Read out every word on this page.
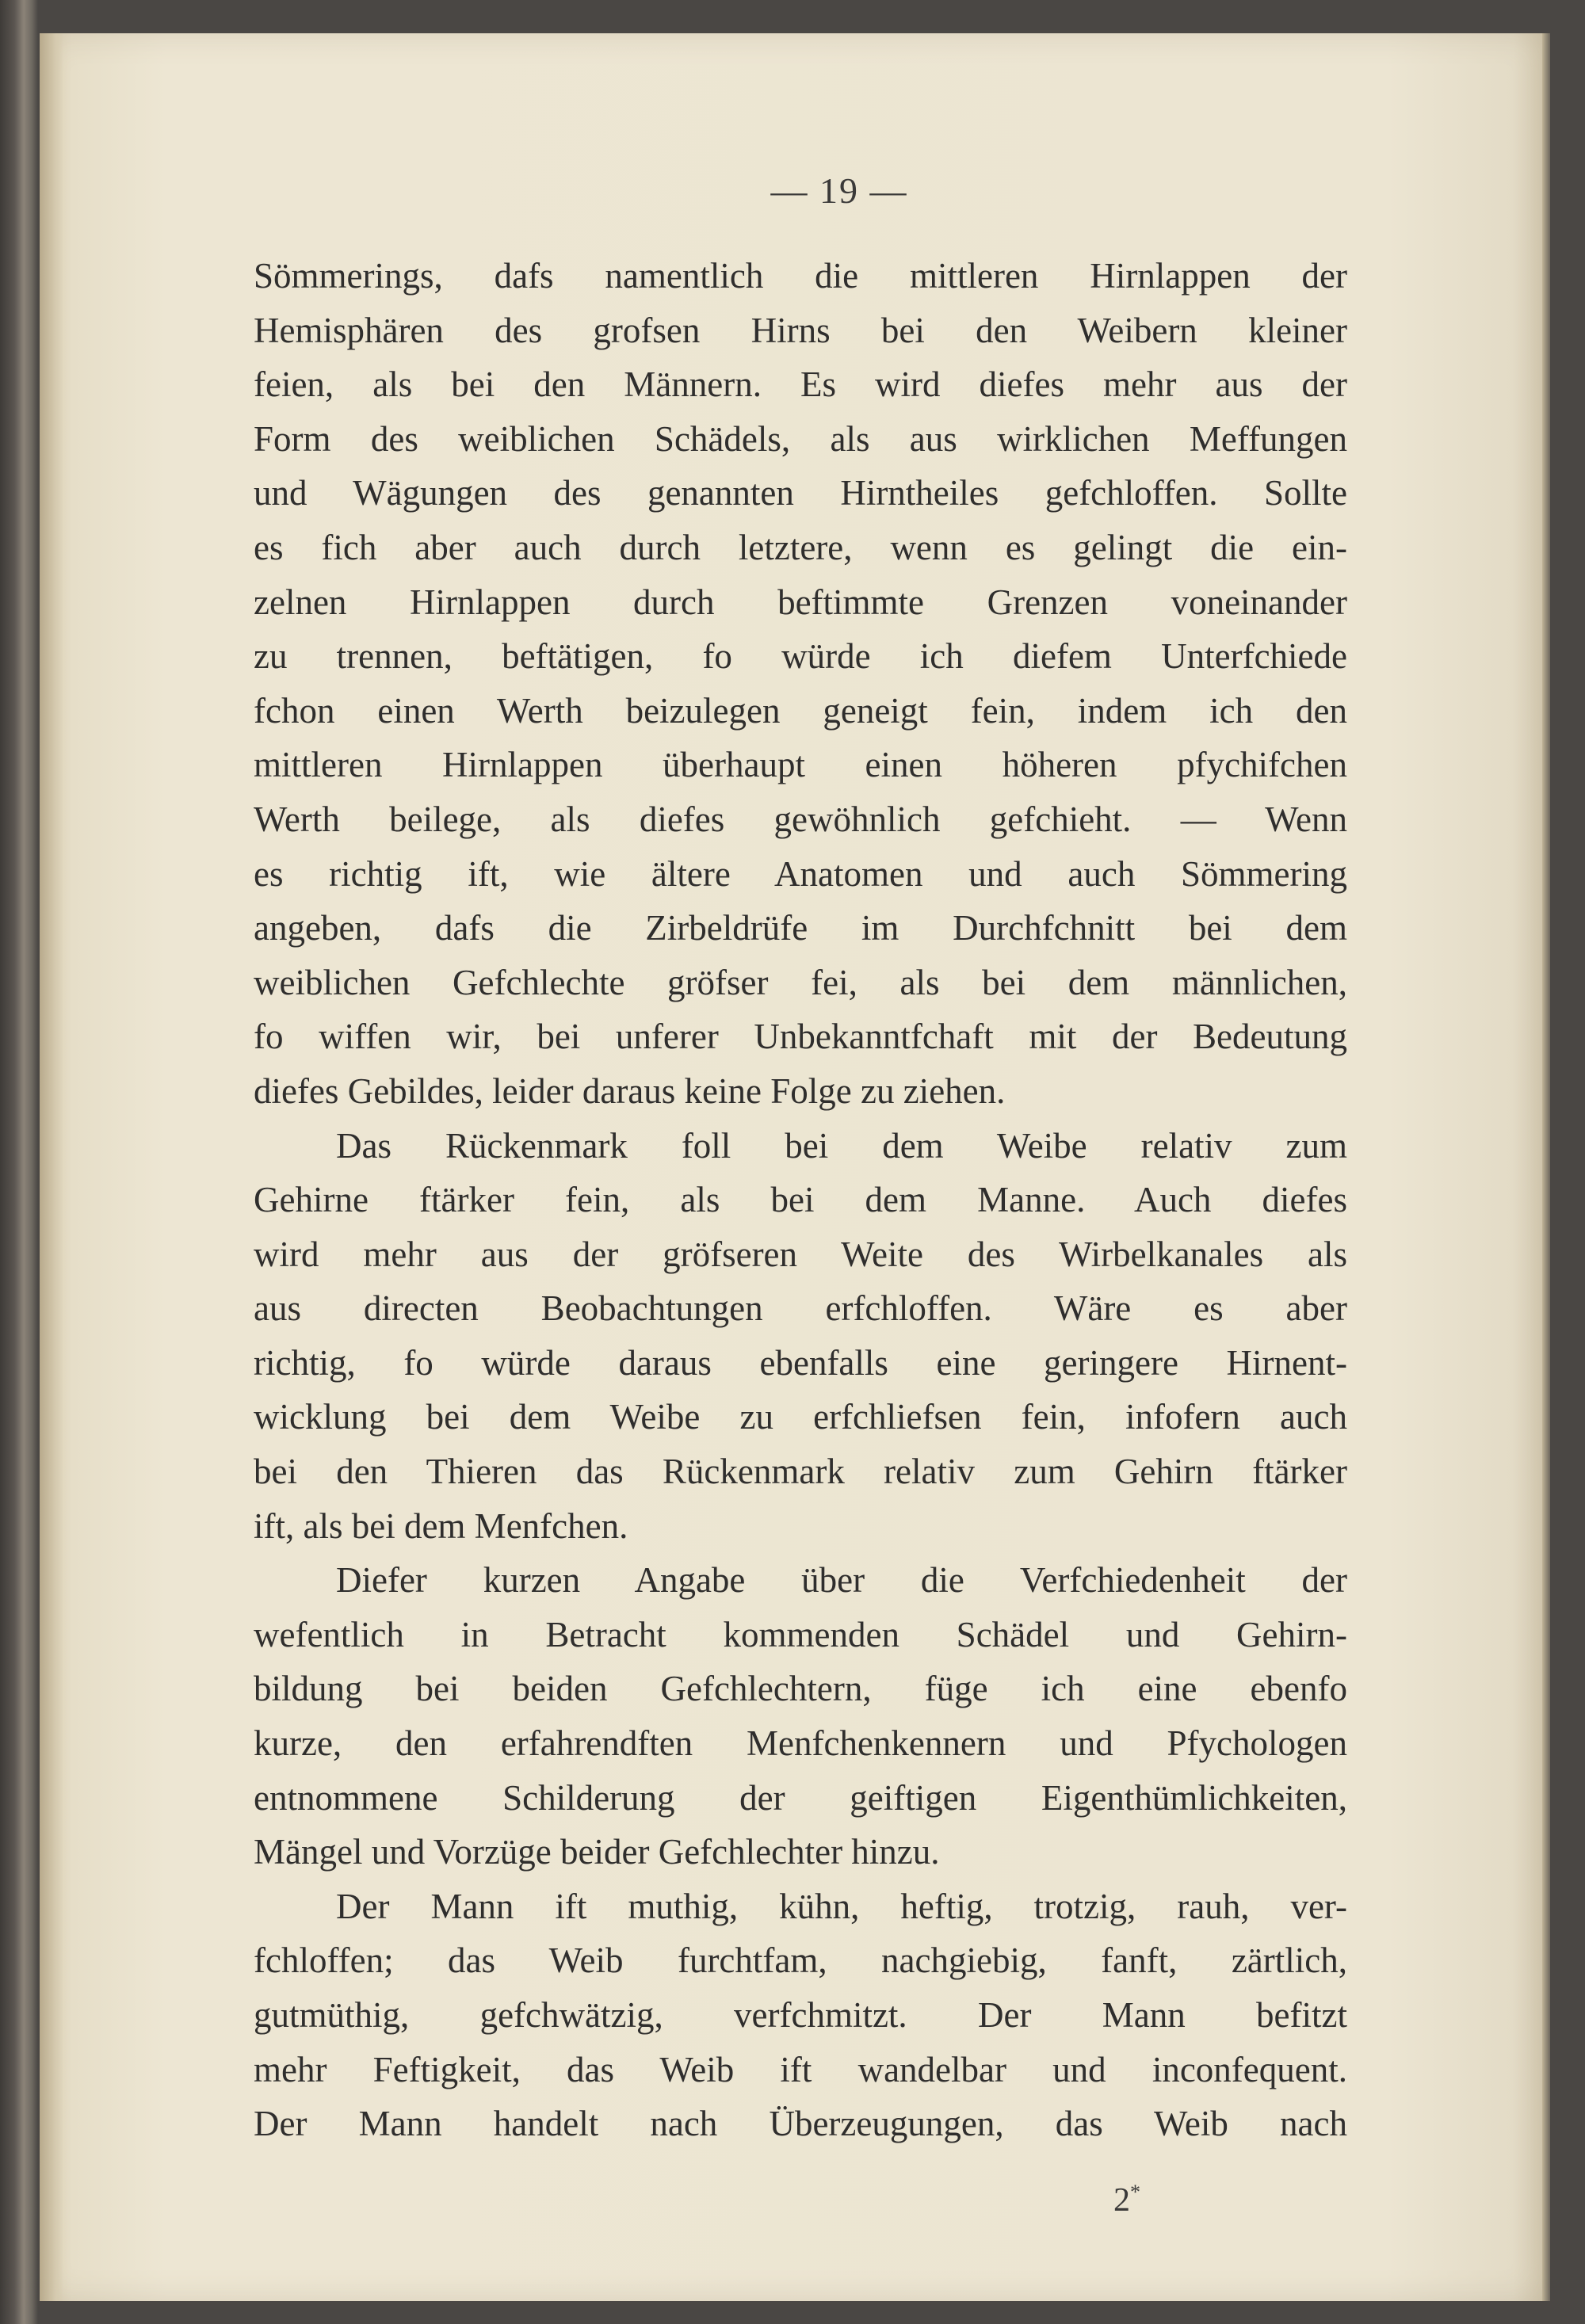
— 19 —
Sömmerings, dafs namentlich die mittleren Hirnlappen der
Hemisphären des grofsen Hirns bei den Weibern kleiner
feien, als bei den Männern. Es wird diefes mehr aus der
Form des weiblichen Schädels, als aus wirklichen Meffungen
und Wägungen des genannten Hirntheiles gefchloffen. Sollte
es fich aber auch durch letztere, wenn es gelingt die ein-
zelnen Hirnlappen durch beftimmte Grenzen voneinander
zu trennen, beftätigen, fo würde ich diefem Unterfchiede
fchon einen Werth beizulegen geneigt fein, indem ich den
mittleren Hirnlappen überhaupt einen höheren pfychifchen
Werth beilege, als diefes gewöhnlich gefchieht. — Wenn
es richtig ift, wie ältere Anatomen und auch Sömmering
angeben, dafs die Zirbeldrüfe im Durchfchnitt bei dem
weiblichen Gefchlechte gröfser fei, als bei dem männlichen,
fo wiffen wir, bei unferer Unbekanntfchaft mit der Bedeutung
diefes Gebildes, leider daraus keine Folge zu ziehen.
Das Rückenmark foll bei dem Weibe relativ zum
Gehirne ftärker fein, als bei dem Manne. Auch diefes
wird mehr aus der gröfseren Weite des Wirbelkanales als
aus directen Beobachtungen erfchloffen. Wäre es aber
richtig, fo würde daraus ebenfalls eine geringere Hirnent-
wicklung bei dem Weibe zu erfchliefsen fein, infofern auch
bei den Thieren das Rückenmark relativ zum Gehirn ftärker
ift, als bei dem Menfchen.
Diefer kurzen Angabe über die Verfchiedenheit der
wefentlich in Betracht kommenden Schädel und Gehirn-
bildung bei beiden Gefchlechtern, füge ich eine ebenfo
kurze, den erfahrendften Menfchenkennern und Pfychologen
entnommene Schilderung der geiftigen Eigenthümlichkeiten,
Mängel und Vorzüge beider Gefchlechter hinzu.
Der Mann ift muthig, kühn, heftig, trotzig, rauh, ver-
fchloffen; das Weib furchtfam, nachgiebig, fanft, zärtlich,
gutmüthig, gefchwätzig, verfchmitzt. Der Mann befitzt
mehr Feftigkeit, das Weib ift wandelbar und inconfequent.
Der Mann handelt nach Überzeugungen, das Weib nach
2*
